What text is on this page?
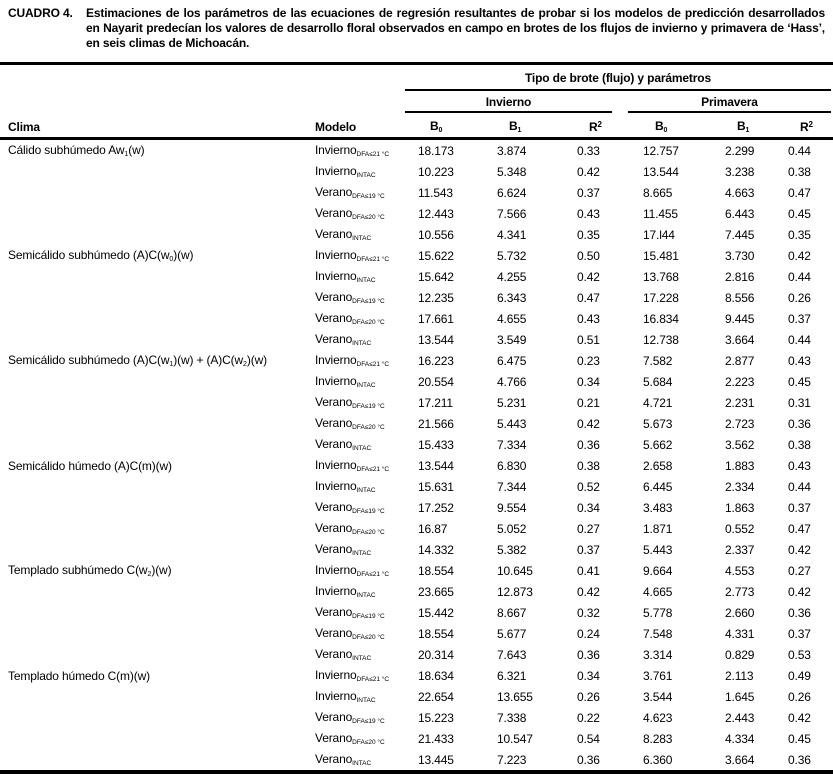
CUADRO 4.	Estimaciones de los parámetros de las ecuaciones de regresión resultantes de probar si los modelos de predicción desarrollados en Nayarit predecían los valores de desarrollo floral observados en campo en brotes de los flujos de invierno y primavera de ‘Hass’, en seis climas de Michoacán.
Tipo de brote (flujo) y parámetros
Invierno	Primavera
Clima	Modelo	$B_0$	$B_1$	$R^2$	$B_0$	$B_1$	$R^2$
Cálido subhúmedo $Aw_1(w)$	Invierno$_{DFA\le 21 ^\circ C}$	18.173	3.874	0.33	12.757	2.299	0.44
Invierno$_{INTAC}$	10.223	5.348	0.42	13.544	3.238	0.38
Verano$_{DFA\le 19 ^\circ C}$	11.543	6.624	0.37	8.665	4.663	0.47
Verano$_{DFA\le 20 ^\circ C}$	12.443	7.566	0.43	11.455	6.443	0.45
Verano$_{INTAC}$	10.556	4.341	0.35	17.l44	7.445	0.35
Semicálido subhúmedo $(A)C(w_0)(w)$	Invierno$_{DFA\le 21 ^\circ C}$	15.622	5.732	0.50	15.481	3.730	0.42
Invierno$_{INTAC}$	15.642	4.255	0.42	13.768	2.816	0.44
Verano$_{DFA\le 19 ^\circ C}$	12.235	6.343	0.47	17.228	8.556	0.26
Verano$_{DFA\le 20 ^\circ C}$	17.661	4.655	0.43	16.834	9.445	0.37
Verano$_{INTAC}$	13.544	3.549	0.51	12.738	3.664	0.44
Semicálido subhúmedo $(A)C(w_1)(w) + (A)C(w_2)(w)$	Invierno$_{DFA\le 21 ^\circ C}$	16.223	6.475	0.23	7.582	2.877	0.43
Invierno$_{INTAC}$	20.554	4.766	0.34	5.684	2.223	0.45
Verano$_{DFA\le 19 ^\circ C}$	17.211	5.231	0.21	4.721	2.231	0.31
Verano$_{DFA\le 20 ^\circ C}$	21.566	5.443	0.42	5.673	2.723	0.36
Verano$_{INTAC}$	15.433	7.334	0.36	5.662	3.562	0.38
Semicálido húmedo (A)C(m)(w)	Invierno$_{DFA\le 21 ^\circ C}$	13.544	6.830	0.38	2.658	1.883	0.43
Invierno$_{INTAC}$	15.631	7.344	0.52	6.445	2.334	0.44
Verano$_{DFA\le 19 ^\circ C}$	17.252	9.554	0.34	3.483	1.863	0.37
Verano$_{DFA\le 20 ^\circ C}$	16.87	5.052	0.27	1.871	0.552	0.47
Verano$_{INTAC}$	14.332	5.382	0.37	5.443	2.337	0.42
Templado subhúmedo $C(w_2)(w)$	Invierno$_{DFA\le 21 ^\circ C}$	18.554	10.645	0.41	9.664	4.553	0.27
Invierno$_{INTAC}$	23.665	12.873	0.42	4.665	2.773	0.42
Verano$_{DFA\le 19 ^\circ C}$	15.442	8.667	0.32	5.778	2.660	0.36
Verano$_{DFA\le 20 ^\circ C}$	18.554	5.677	0.24	7.548	4.331	0.37
Verano$_{INTAC}$	20.314	7.643	0.36	3.314	0.829	0.53
Templado húmedo C(m)(w)	Invierno$_{DFA\le 21 ^\circ C}$	18.634	6.321	0.34	3.761	2.113	0.49
Invierno$_{INTAC}$	22.654	13.655	0.26	3.544	1.645	0.26
Verano$_{DFA\le 19 ^\circ C}$	15.223	7.338	0.22	4.623	2.443	0.42
Verano$_{DFA\le 20 ^\circ C}$	21.433	10.547	0.54	8.283	4.334	0.45
Verano$_{INTAC}$	13.445	7.223	0.36	6.360	3.664	0.36
